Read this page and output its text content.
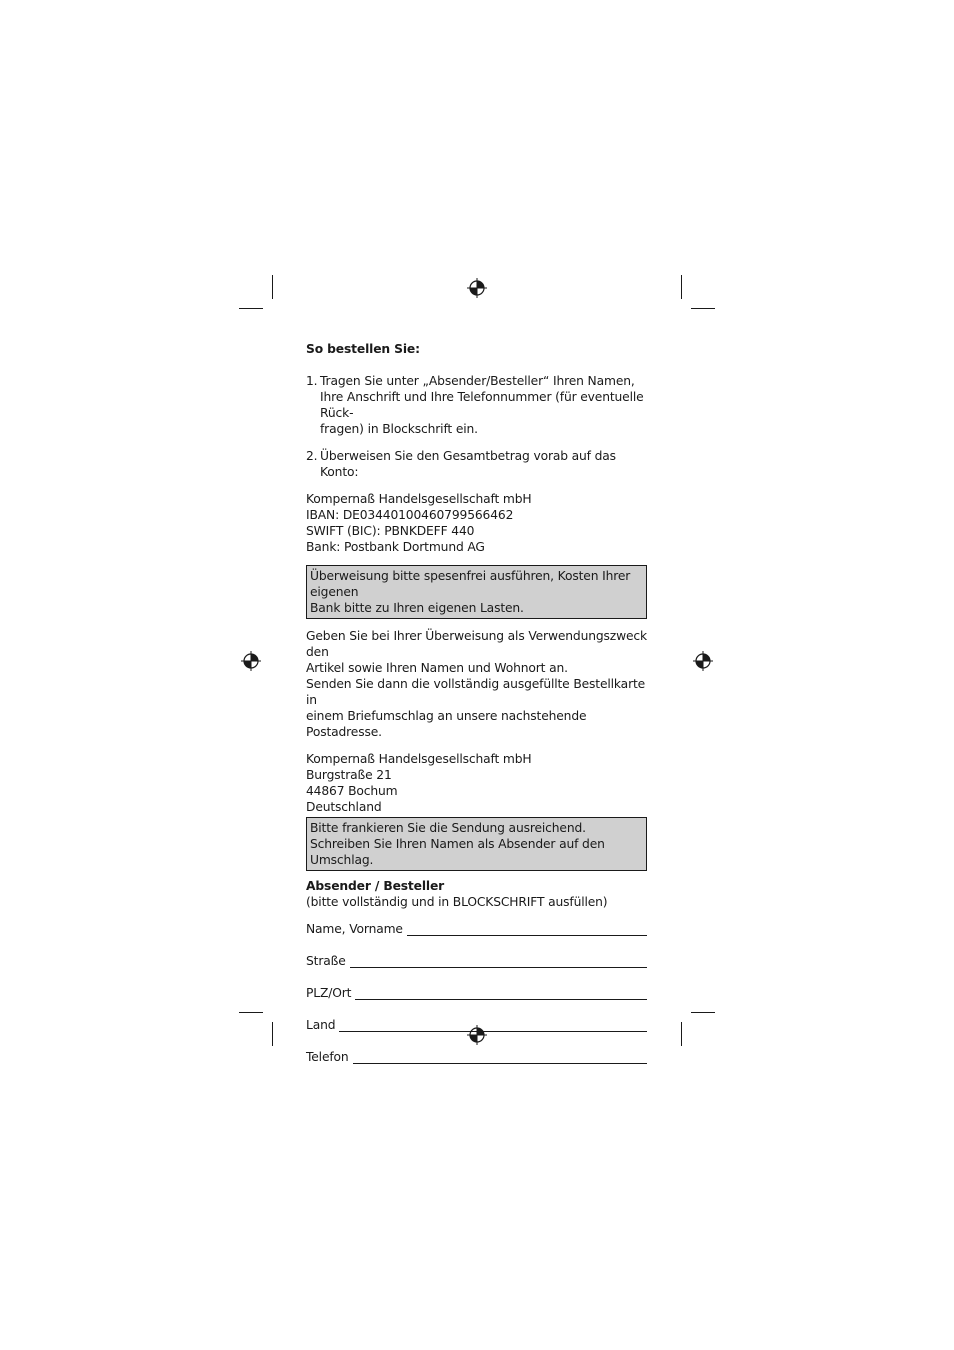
So bestellen Sie:

1. Tragen Sie unter „Absender/Besteller“ Ihren Namen,

Ihre Anschrift und Ihre Telefonnummer (für eventuelle Rück-

fragen) in Blockschrift ein.

2. Überweisen Sie den Gesamtbetrag vorab auf das Konto:

Kompernaß Handelsgesellschaft mbH

IBAN: DE03440100460799566462

SWIFT (BIC): PBNKDEFF 440

Bank: Postbank Dortmund AG

Überweisung bitte spesenfrei ausführen, Kosten Ihrer eigenen

Bank bitte zu Ihren eigenen Lasten.

Geben Sie bei Ihrer Überweisung als Verwendungszweck den

Artikel sowie Ihren Namen und Wohnort an.

Senden Sie dann die vollständig ausgefüllte Bestellkarte in

einem Briefumschlag an unsere nachstehende Postadresse.

Kompernaß Handelsgesellschaft mbH

Burgstraße 21

44867 Bochum

Deutschland

Bitte frankieren Sie die Sendung ausreichend.

Schreiben Sie Ihren Namen als Absender auf den Umschlag.

Absender / Besteller

(bitte vollständig und in BLOCKSCHRIFT ausfüllen)

Name, Vorname
Straße
PLZ/Ort
Land
Telefon
